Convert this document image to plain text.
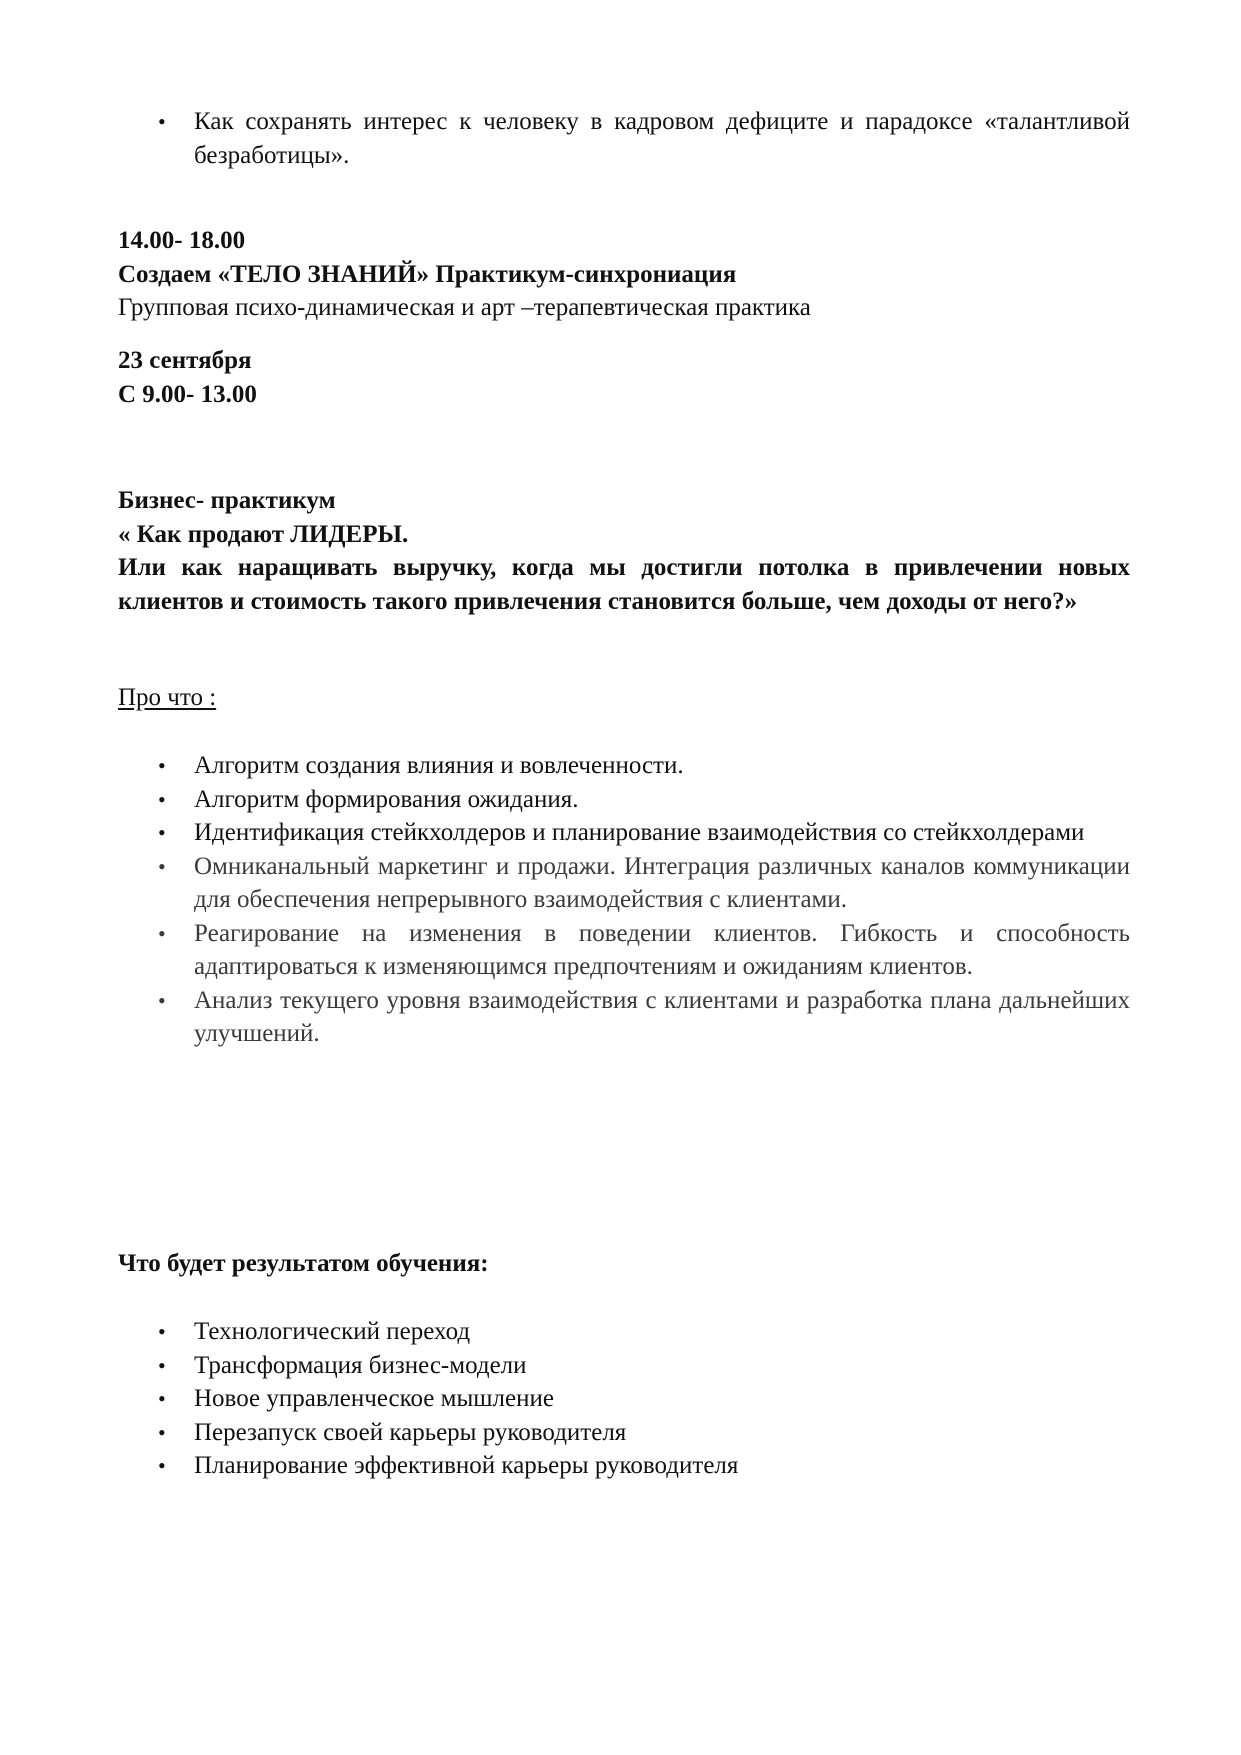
•	Как сохранять интерес к человеку в кадровом дефиците и парадоксе «талантливой безработицы».
14.00- 18.00
Создаем «ТЕЛО ЗНАНИЙ» Практикум-синхрониация
Групповая психо-динамическая и арт –терапевтическая практика
23 сентября
С 9.00- 13.00
Бизнес- практикум
« Как продают ЛИДЕРЫ.
Или как наращивать выручку, когда мы достигли потолка в привлечении новых клиентов и стоимость такого привлечения становится больше, чем доходы от него?»
Про что :
•	Алгоритм создания влияния и вовлеченности.
•	Алгоритм формирования ожидания.
•	Идентификация стейкхолдеров и планирование взаимодействия со стейкхолдерами
•	Омниканальный маркетинг и продажи. Интеграция различных каналов коммуникации для обеспечения непрерывного взаимодействия с клиентами.
•	Реагирование на изменения в поведении клиентов. Гибкость и способность адаптироваться к изменяющимся предпочтениям и ожиданиям клиентов.
•	Анализ текущего уровня взаимодействия с клиентами и разработка плана дальнейших улучшений.
Что будет результатом обучения:
•	Технологический переход
•	Трансформация бизнес-модели
•	Новое управленческое мышление
•	Перезапуск своей карьеры руководителя
•	Планирование эффективной карьеры руководителя
